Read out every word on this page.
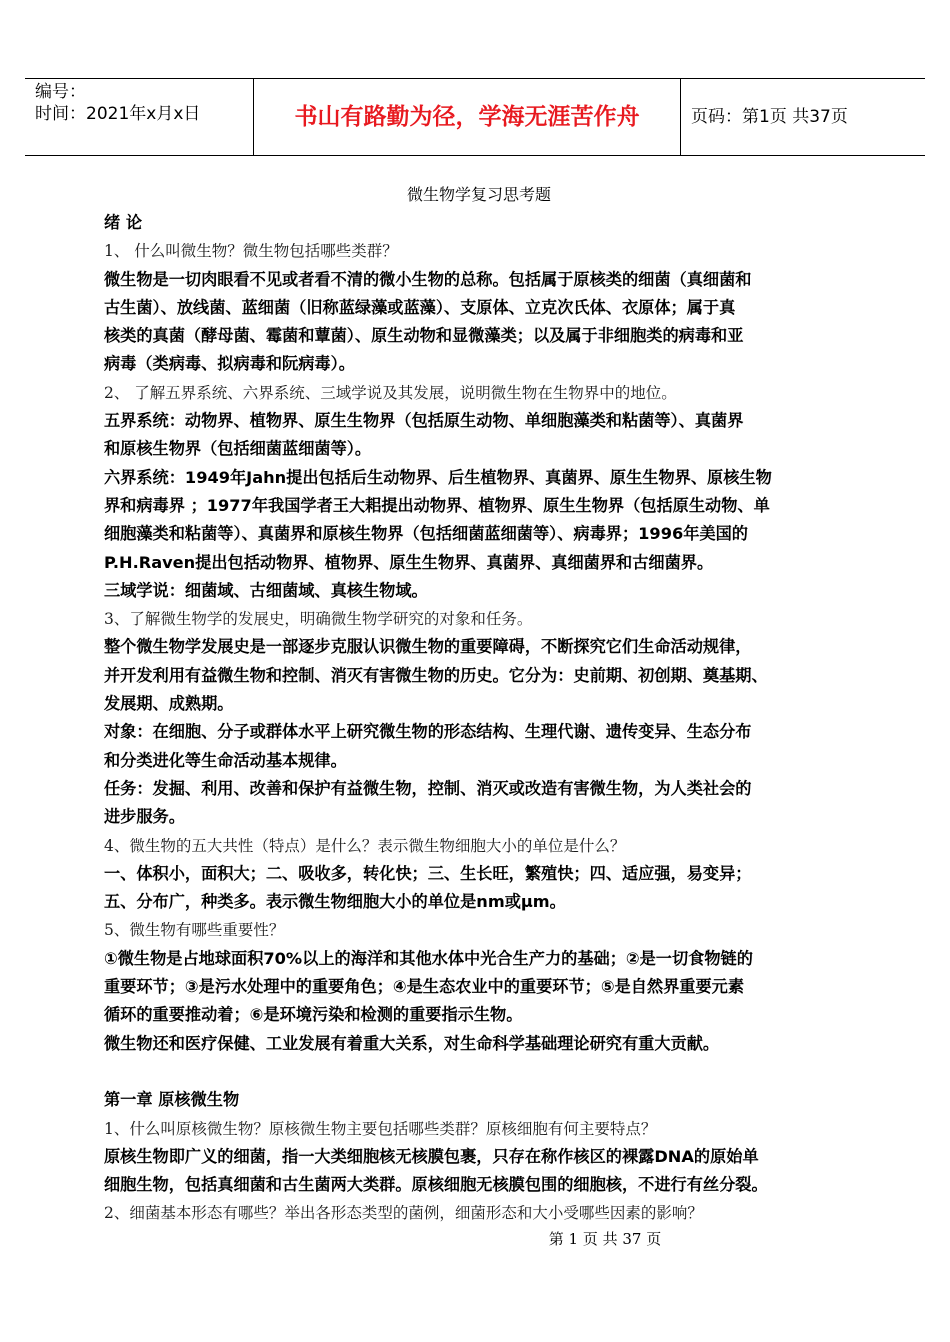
编号：
时间：2021年x月x日	书山有路勤为径，学海无涯苦作舟	页码：第1页 共37页
微生物学复习思考题
绪 论
1、 什么叫微生物？微生物包括哪些类群？
微生物是一切肉眼看不见或者看不清的微小生物的总称。包括属于原核类的细菌（真细菌和
古生菌）、放线菌、蓝细菌（旧称蓝绿藻或蓝藻）、支原体、立克次氏体、衣原体；属于真
核类的真菌（酵母菌、霉菌和蕈菌）、原生动物和显微藻类；以及属于非细胞类的病毒和亚
病毒（类病毒、拟病毒和阮病毒）。
2、 了解五界系统、六界系统、三域学说及其发展，说明微生物在生物界中的地位。
五界系统：动物界、植物界、原生生物界（包括原生动物、单细胞藻类和粘菌等）、真菌界
和原核生物界（包括细菌蓝细菌等）。
六界系统：1949年Jahn提出包括后生动物界、后生植物界、真菌界、原生生物界、原核生物
界和病毒界 ；1977年我国学者王大耜提出动物界、植物界、原生生物界（包括原生动物、单
细胞藻类和粘菌等）、真菌界和原核生物界（包括细菌蓝细菌等）、病毒界；1996年美国的
P.H.Raven提出包括动物界、植物界、原生生物界、真菌界、真细菌界和古细菌界。
三域学说：细菌域、古细菌域、真核生物域。
3、了解微生物学的发展史，明确微生物学研究的对象和任务。
整个微生物学发展史是一部逐步克服认识微生物的重要障碍，不断探究它们生命活动规律，
并开发利用有益微生物和控制、消灭有害微生物的历史。它分为：史前期、初创期、奠基期、
发展期、成熟期。
对象：在细胞、分子或群体水平上研究微生物的形态结构、生理代谢、遗传变异、生态分布
和分类进化等生命活动基本规律。
任务：发掘、利用、改善和保护有益微生物，控制、消灭或改造有害微生物，为人类社会的
进步服务。
4、微生物的五大共性（特点）是什么？表示微生物细胞大小的单位是什么？
一、体积小，面积大；二、吸收多，转化快；三、生长旺，繁殖快；四、适应强，易变异；
五、分布广，种类多。表示微生物细胞大小的单位是nm或μm。
5、微生物有哪些重要性？
①微生物是占地球面积70%以上的海洋和其他水体中光合生产力的基础；②是一切食物链的
重要环节；③是污水处理中的重要角色；④是生态农业中的重要环节；⑤是自然界重要元素
循环的重要推动着；⑥是环境污染和检测的重要指示生物。
微生物还和医疗保健、工业发展有着重大关系，对生命科学基础理论研究有重大贡献。
第一章 原核微生物
1、什么叫原核微生物？原核微生物主要包括哪些类群？原核细胞有何主要特点？
原核生物即广义的细菌，指一大类细胞核无核膜包裹，只存在称作核区的裸露DNA的原始单
细胞生物，包括真细菌和古生菌两大类群。原核细胞无核膜包围的细胞核，不进行有丝分裂。
2、细菌基本形态有哪些？举出各形态类型的菌例，细菌形态和大小受哪些因素的影响？
第 1 页 共 37 页
